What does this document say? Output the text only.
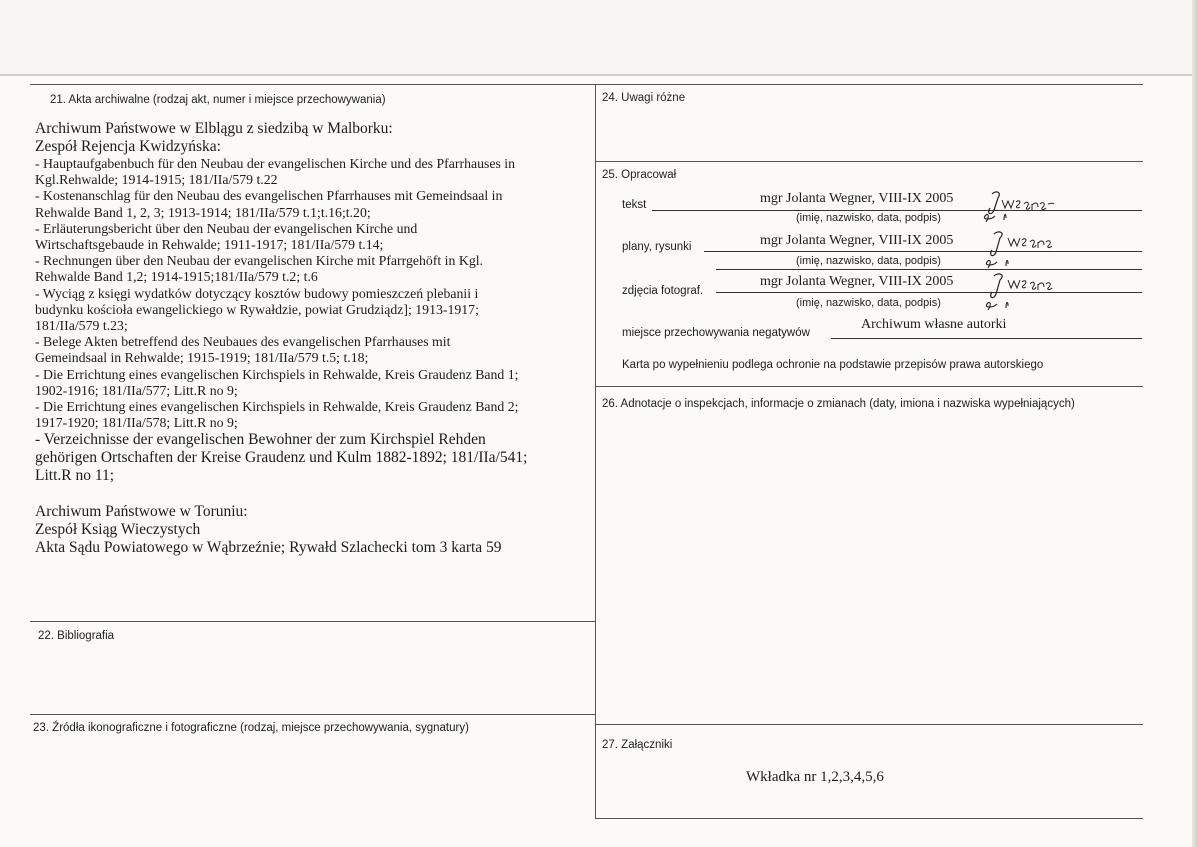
21. Akta archiwalne (rodzaj akt, numer i miejsce przechowywania)

Archiwum Państwowe w Elblągu z siedzibą w Malborku:

Zespół Rejencja Kwidzyńska:

- Hauptaufgabenbuch für den Neubau der evangelischen Kirche und des Pfarrhauses in

Kgl.Rehwalde; 1914-1915; 181/IIa/579 t.22

- Kostenanschlag für den Neubau des evangelischen Pfarrhauses mit Gemeindsaal in

Rehwalde Band 1, 2, 3; 1913-1914; 181/IIa/579 t.1;t.16;t.20;

- Erläuterungsbericht über den Neubau der evangelischen Kirche und

Wirtschaftsgebaude in Rehwalde; 1911-1917; 181/IIa/579 t.14;

- Rechnungen über den Neubau der evangelischen Kirche mit Pfarrgehöft in Kgl.

Rehwalde Band 1,2; 1914-1915;181/IIa/579 t.2; t.6

- Wyciąg z księgi wydatków dotyczący kosztów budowy pomieszczeń plebanii i

budynku kościoła ewangelickiego w Rywałdzie, powiat Grudziądz]; 1913-1917;

181/IIa/579 t.23;

- Belege Akten betreffend des Neubaues des evangelischen Pfarrhauses mit

Gemeindsaal in Rehwalde; 1915-1919; 181/IIa/579 t.5; t.18;

- Die Errichtung eines evangelischen Kirchspiels in Rehwalde, Kreis Graudenz Band 1;

1902-1916; 181/IIa/577; Litt.R no 9;

- Die Errichtung eines evangelischen Kirchspiels in Rehwalde, Kreis Graudenz Band 2;

1917-1920; 181/IIa/578; Litt.R no 9;

- Verzeichnisse der evangelischen Bewohner der zum Kirchspiel Rehden

gehörigen Ortschaften der Kreise Graudenz und Kulm 1882-1892; 181/IIa/541;

Litt.R no 11;

Archiwum Państwowe w Toruniu:

Zespół Ksiąg Wieczystych

Akta Sądu Powiatowego w Wąbrzeźnie; Rywałd Szlachecki tom 3 karta 59

22. Bibliografia
23. Źródła ikonograficzne i fotograficzne (rodzaj, miejsce przechowywania, sygnatury)
24. Uwagi różne
25. Opracował
tekst	mgr Jolanta Wegner, VIII-IX 2005
(imię, nazwisko, data, podpis)
plany, rysunki	mgr Jolanta Wegner, VIII-IX 2005
(imię, nazwisko, data, podpis)
zdjęcia fotograf.
mgr Jolanta Wegner, VIII-IX 2005
(imię, nazwisko, data, podpis)
miejsce przechowywania negatywów
Archiwum własne autorki
Karta po wypełnieniu podlega ochronie na podstawie przepisów prawa autorskiego
26. Adnotacje o inspekcjach, informacje o zmianach (daty, imiona i nazwiska wypełniających)
27. Załączniki
Wkładka nr 1,2,3,4,5,6
